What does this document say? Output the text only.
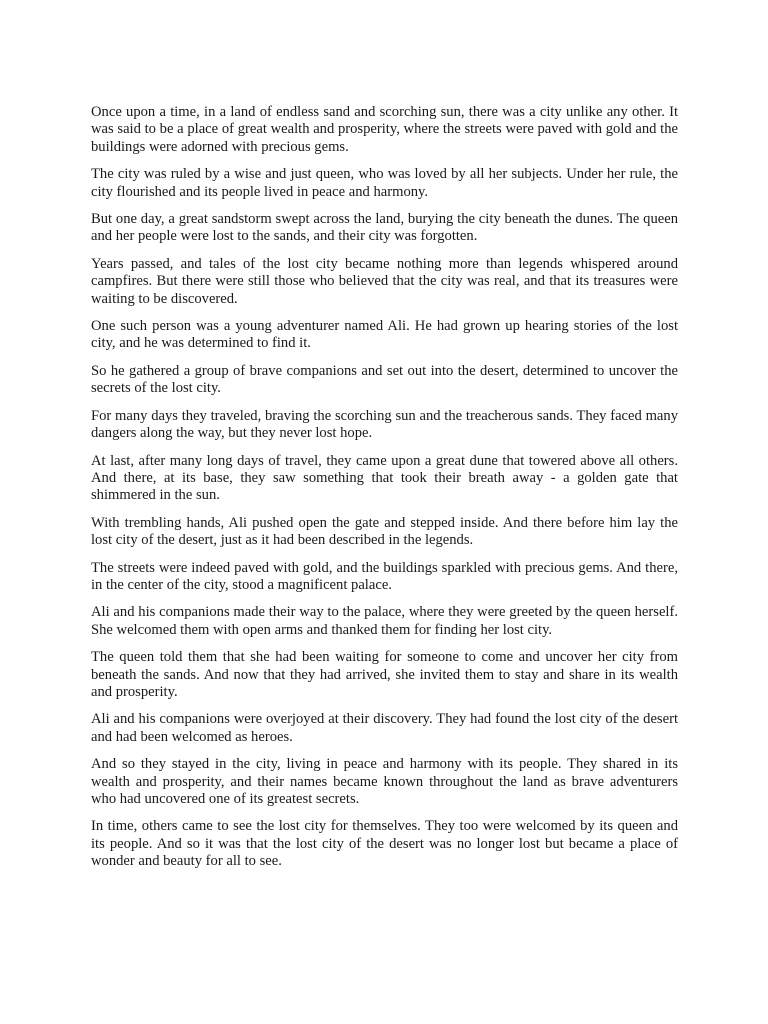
Once upon a time, in a land of endless sand and scorching sun, there was a city unlike any other. It was said to be a place of great wealth and prosperity, where the streets were paved with gold and the buildings were adorned with precious gems.

The city was ruled by a wise and just queen, who was loved by all her subjects. Under her rule, the city flourished and its people lived in peace and harmony.

But one day, a great sandstorm swept across the land, burying the city beneath the dunes. The queen and her people were lost to the sands, and their city was forgotten.

Years passed, and tales of the lost city became nothing more than legends whispered around campfires. But there were still those who believed that the city was real, and that its treasures were waiting to be discovered.

One such person was a young adventurer named Ali. He had grown up hearing stories of the lost city, and he was determined to find it.

So he gathered a group of brave companions and set out into the desert, determined to uncover the secrets of the lost city.

For many days they traveled, braving the scorching sun and the treacherous sands. They faced many dangers along the way, but they never lost hope.

At last, after many long days of travel, they came upon a great dune that towered above all others. And there, at its base, they saw something that took their breath away - a golden gate that shimmered in the sun.

With trembling hands, Ali pushed open the gate and stepped inside. And there before him lay the lost city of the desert, just as it had been described in the legends.

The streets were indeed paved with gold, and the buildings sparkled with precious gems. And there, in the center of the city, stood a magnificent palace.

Ali and his companions made their way to the palace, where they were greeted by the queen herself. She welcomed them with open arms and thanked them for finding her lost city.

The queen told them that she had been waiting for someone to come and uncover her city from beneath the sands. And now that they had arrived, she invited them to stay and share in its wealth and prosperity.

Ali and his companions were overjoyed at their discovery. They had found the lost city of the desert and had been welcomed as heroes.

And so they stayed in the city, living in peace and harmony with its people. They shared in its wealth and prosperity, and their names became known throughout the land as brave adventurers who had uncovered one of its greatest secrets.

In time, others came to see the lost city for themselves. They too were welcomed by its queen and its people. And so it was that the lost city of the desert was no longer lost but became a place of wonder and beauty for all to see.
